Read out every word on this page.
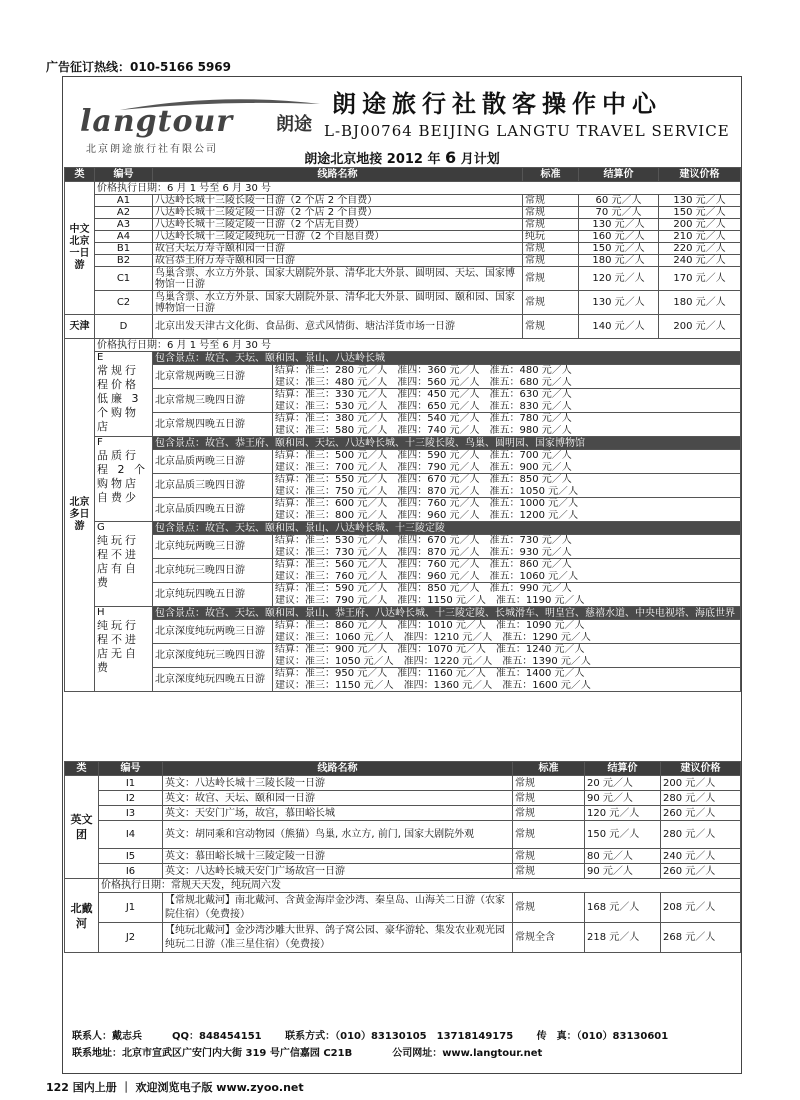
广告征订热线：010-5166 5969
langtour 朗途
北京朗途旅行社有限公司
朗途旅行社散客操作中心
L-BJ00764 BEIJING LANGTU TRAVEL SERVICE
朗途北京地接 2012 年 6 月计划
类	编号	线路名称		标准	结算价	建议价格
中文北京一日游	价格执行日期：6 月 1 号至 6 月 30 号					
	A1	八达岭长城十三陵长陵一日游（2 个店 2 个自费）		常规	60 元／人	130 元／人
	A2	八达岭长城十三陵定陵一日游（2 个店 2 个自费）		常规	70 元／人	150 元／人
	A3	八达岭长城十三陵定陵一日游（2 个店无自费）		常规	130 元／人	200 元／人
	A4	八达岭长城十三陵定陵纯玩一日游（2 个自愿自费）		纯玩	160 元／人	210 元／人
	B1	故宫天坛万寿寺颐和园一日游		常规	150 元／人	220 元／人
	B2	故宫恭王府万寿寺颐和园一日游		常规	180 元／人	240 元／人
	C1	鸟巢含票、水立方外景、国家大剧院外景、清华北大外景、圆明园、天坛、国家博物馆一日游		常规	120 元／人	170 元／人
	C2	鸟巢含票、水立方外景、国家大剧院外景、清华北大外景、圆明园、颐和园、国家博物馆一日游		常规	130 元／人	180 元／人
天津	D	北京出发天津古文化街、食品街、意式风情街、塘沽洋货市场一日游		常规	140 元／人	200 元／人
北京多日游	价格执行日期：6 月 1 号至 6 月 30 号					

	E
常规行程价格低廉 3 个购物店	包含景点：故宫、天坛、颐和园、景山、八达岭长城				
		北京常规两晚三日游	结算：准三：280 元／人　准四：360 元／人　准五：480 元／人			
			建议：准三：480 元／人　准四：560 元／人　准五：680 元／人			
		北京常规三晚四日游	结算：准三：330 元／人　准四：450 元／人　准五：630 元／人			
			建议：准三：530 元／人　准四：650 元／人　准五：830 元／人			
		北京常规四晚五日游	结算：准三：380 元／人　准四：540 元／人　准五：780 元／人			
			建议：准三：580 元／人　准四：740 元／人　准五：980 元／人			

	F
品质行程 2 个购物店自费少	包含景点：故宫、恭王府、颐和园、天坛、八达岭长城、十三陵长陵、鸟巢、圆明园、国家博物馆				
		北京品质两晚三日游	结算：准三：500 元／人　准四：590 元／人　准五：700 元／人			
			建议：准三：700 元／人　准四：790 元／人　准五：900 元／人			
		北京品质三晚四日游	结算：准三：550 元／人　准四：670 元／人　准五：850 元／人			
			建议：准三：750 元／人　准四：870 元／人　准五：1050 元／人			
		北京品质四晚五日游	结算：准三：600 元／人　准四：760 元／人　准五：1000 元／人			
			建议：准三：800 元／人　准四：960 元／人　准五：1200 元／人			

	G
纯玩行程不进店有自费	包含景点：故宫、天坛、颐和园、景山、八达岭长城、十三陵定陵				
		北京纯玩两晚三日游	结算：准三：530 元／人　准四：670 元／人　准五：730 元／人			
			建议：准三：730 元／人　准四：870 元／人　准五：930 元／人			
		北京纯玩三晚四日游	结算：准三：560 元／人　准四：760 元／人　准五：860 元／人			
			建议：准三：760 元／人　准四：960 元／人　准五：1060 元／人			
		北京纯玩四晚五日游	结算：准三：590 元／人　准四：850 元／人　准五：990 元／人			
			建议：准三：790 元／人　准四：1150 元／人　准五：1190 元／人			

	H
纯玩行程不进店无自费	包含景点：故宫、天坛、颐和园、景山、恭王府、八达岭长城、十三陵定陵、长城滑车、明皇宫、慈禧水道、中央电视塔、海底世界				
		北京深度纯玩两晚三日游	结算：准三：860 元／人　准四：1010 元／人　准五：1090 元／人			
			建议：准三：1060 元／人　准四：1210 元／人　准五：1290 元／人			
		北京深度纯玩三晚四日游	结算：准三：900 元／人　准四：1070 元／人　准五：1240 元／人			
			建议：准三：1050 元／人　准四：1220 元／人　准五：1390 元／人			
		北京深度纯玩四晚五日游	结算：准三：950 元／人　准四：1160 元／人　准五：1400 元／人			
			建议：准三：1150 元／人　准四：1360 元／人　准五：1600 元／人			
类	编号	线路名称	标准	结算价	建议价格
英文团	I1	英文：八达岭长城十三陵长陵一日游	常规	20 元／人	200 元／人
	I2	英文：故宫、天坛、颐和园一日游	常规	90 元／人	280 元／人
	I3	英文：天安门广场，故宫，慕田峪长城	常规	120 元／人	260 元／人
	I4	英文：胡同乘和宫动物园（熊猫）鸟巢, 水立方, 前门, 国家大剧院外观	常规	150 元／人	280 元／人
	I5	英文：慕田峪长城十三陵定陵一日游	常规	80 元／人	240 元／人
	I6	英文：八达岭长城天安门广场故宫一日游	常规	90 元／人	260 元／人
北戴河	价格执行日期：常规天天发，纯玩周六发				
	J1	【常规北戴河】南北戴河、含黄金海岸金沙湾、秦皇岛、山海关二日游（农家院住宿）（免费接）	常规	168 元／人	208 元／人
	J2	【纯玩北戴河】金沙湾沙雕大世界、鸽子窝公园、豪华游轮、集发农业观光园纯玩二日游（准三星住宿）（免费接）	常规全含	218 元／人	268 元／人
联系人：戴志兵　　　QQ：848454151　　 联系方式：（010）83130105　13718149175　　 传　真：（010）83130601
联系地址：北京市宣武区广安门内大街 319 号广信嘉园 C21B　　　　公司网址：www.langtour.net
122 国内上册 ｜ 欢迎浏览电子版 www.zyoo.net
